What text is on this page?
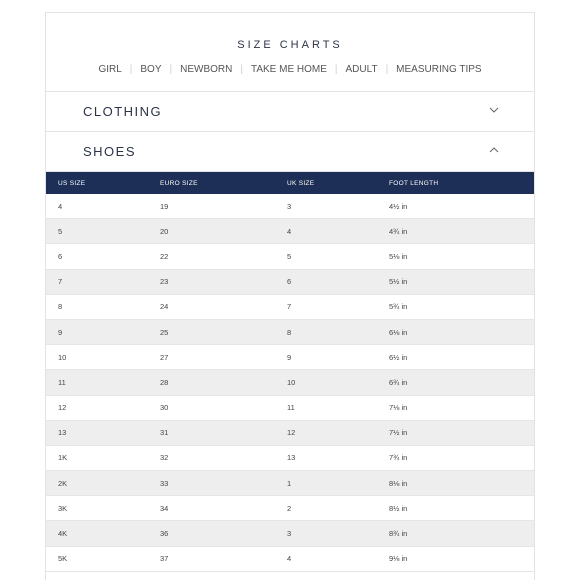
SIZE CHARTS
GIRL | BOY | NEWBORN | TAKE ME HOME | ADULT | MEASURING TIPS
CLOTHING
SHOES
US SIZE	EURO SIZE	UK SIZE	FOOT LENGTH
4	19	3	4½ in
5	20	4	4¾ in
6	22	5	5⅛ in
7	23	6	5½ in
8	24	7	5¾ in
9	25	8	6⅛ in
10	27	9	6½ in
11	28	10	6¾ in
12	30	11	7⅛ in
13	31	12	7½ in
1K	32	13	7¾ in
2K	33	1	8⅛ in
3K	34	2	8½ in
4K	36	3	8¾ in
5K	37	4	9⅛ in
